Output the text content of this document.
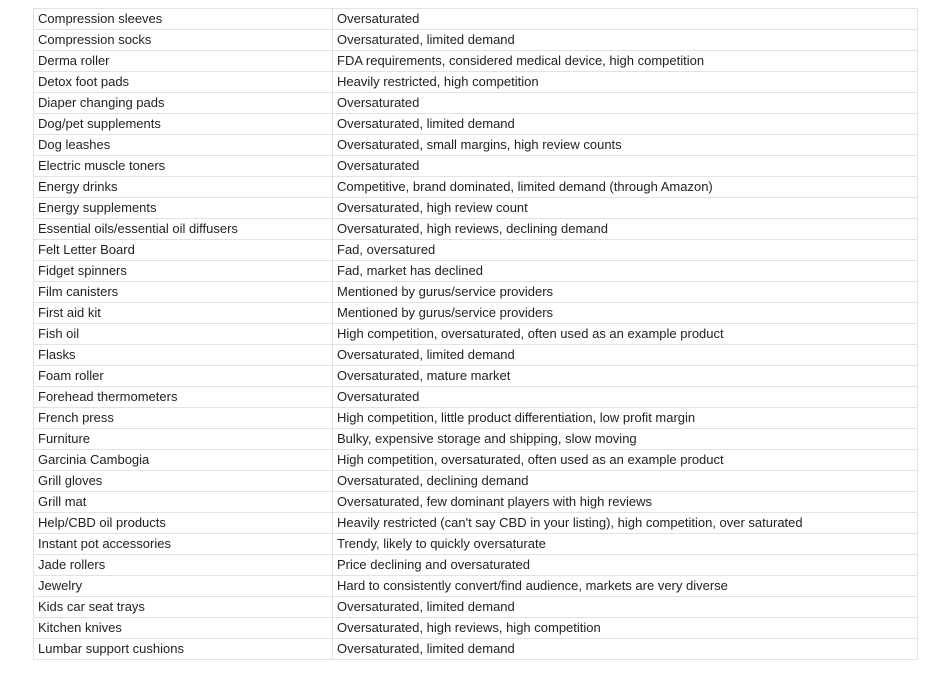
Compression sleeves	Oversaturated
Compression socks	Oversaturated, limited demand
Derma roller	FDA requirements, considered medical device, high competition
Detox foot pads	Heavily restricted, high competition
Diaper changing pads	Oversaturated
Dog/pet supplements	Oversaturated, limited demand
Dog leashes	Oversaturated, small margins, high review counts
Electric muscle toners	Oversaturated
Energy drinks	Competitive, brand dominated, limited demand (through Amazon)
Energy supplements	Oversaturated, high review count
Essential oils/essential oil diffusers	Oversaturated, high reviews, declining demand
Felt Letter Board	Fad, oversatured
Fidget spinners	Fad, market has declined
Film canisters	Mentioned by gurus/service providers
First aid kit	Mentioned by gurus/service providers
Fish oil	High competition, oversaturated, often used as an example product
Flasks	Oversaturated, limited demand
Foam roller	Oversaturated, mature market
Forehead thermometers	Oversaturated
French press	High competition, little product differentiation, low profit margin
Furniture	Bulky, expensive storage and shipping, slow moving
Garcinia Cambogia	High competition, oversaturated, often used as an example product
Grill gloves	Oversaturated, declining demand
Grill mat	Oversaturated, few dominant players with high reviews
Help/CBD oil products	Heavily restricted (can't say CBD in your listing), high competition, over saturated
Instant pot accessories	Trendy, likely to quickly oversaturate
Jade rollers	Price declining and oversaturated
Jewelry	Hard to consistently convert/find audience, markets are very diverse
Kids car seat trays	Oversaturated, limited demand
Kitchen knives	Oversaturated, high reviews, high competition
Lumbar support cushions	Oversaturated, limited demand
